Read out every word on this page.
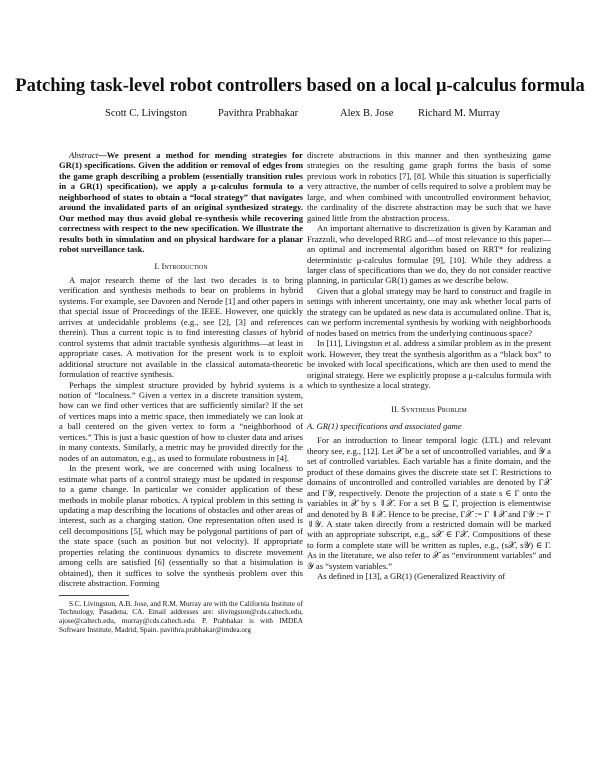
Patching task-level robot controllers based on a local μ-calculus formula
Scott C. Livingston	Pavithra Prabhakar	Alex B. Jose Richard M. Murray

Abstract—We present a method for mending strategies for GR(1) specifications. Given the addition or removal of edges from the game graph describing a problem (essentially transition rules in a GR(1) specification), we apply a μ-calculus formula to a neighborhood of states to obtain a “local strategy” that navigates around the invalidated parts of an original synthesized strategy. Our method may thus avoid global re-synthesis while recovering correctness with respect to the new specification. We illustrate the results both in simulation and on physical hardware for a planar robot surveillance task.

I. Introduction

A major research theme of the last two decades is to bring verification and synthesis methods to bear on problems in hybrid systems. For example, see Davoren and Nerode [1] and other papers in that special issue of Proceedings of the IEEE. However, one quickly arrives at undecidable problems (e.g., see [2], [3] and references therein). Thus a current topic is to find interesting classes of hybrid control systems that admit tractable synthesis algorithms—at least in appropriate cases. A motivation for the present work is to exploit additional structure not available in the classical automata-theoretic formulation of reactive synthesis.

Perhaps the simplest structure provided by hybrid systems is a notion of “localness.” Given a vertex in a discrete transition system, how can we find other vertices that are sufficiently similar? If the set of vertices maps into a metric space, then immediately we can look at a ball centered on the given vertex to form a “neighborhood of vertices.” This is just a basic question of how to cluster data and arises in many contexts. Similarly, a metric may be provided directly for the nodes of an automaton, e.g., as used to formulate robustness in [4].

In the present work, we are concerned with using localness to estimate what parts of a control strategy must be updated in response to a game change. In particular we consider application of these methods in mobile planar robotics. A typical problem in this setting is updating a map describing the locations of obstacles and other areas of interest, such as a charging station. One representation often used is cell decompositions [5], which may be polygonal partitions of part of the state space (such as position but not velocity). If appropriate properties relating the continuous dynamics to discrete movement among cells are satisfied [6] (essentially so that a bisimulation is obtained), then it suffices to solve the synthesis problem over this discrete abstraction. Forming

S.C. Livingston, A.B. Jose, and R.M. Murray are with the California Institute of Technology, Pasadena, CA. Email addresses are: slivingston@cds.caltech.edu, ajose@caltech.edu, murray@cds.caltech.edu. P. Prabhakar is with IMDEA Software Institute, Madrid, Spain. pavithra.prabhakar@imdea.org

discrete abstractions in this manner and then synthesizing game strategies on the resulting game graph forms the basis of some previous work in robotics [7], [8]. While this situation is superficially very attractive, the number of cells required to solve a problem may be large, and when combined with uncontrolled environment behavior, the cardinality of the discrete abstraction may be such that we have gained little from the abstraction process.

An important alternative to discretization is given by Karaman and Frazzoli, who developed RRG and—of most relevance to this paper—an optimal and incremental algorithm based on RRT* for realizing deterministic μ-calculus formulae [9], [10]. While they address a larger class of specifications than we do, they do not consider reactive planning, in particular GR(1) games as we describe below.

Given that a global strategy may be hard to construct and fragile in settings with inherent uncertainty, one may ask whether local parts of the strategy can be updated as new data is accumulated online. That is, can we perform incremental synthesis by working with neighborhoods of nodes based on metrics from the underlying continuous space?

In [11], Livingston et al. address a similar problem as in the present work. However, they treat the synthesis algorithm as a “black box” to be invoked with local specifications, which are then used to mend the original strategy. Here we explicitly propose a μ-calculus formula with which to synthesize a local strategy.

II. Synthesis Problem
A. GR(1) specifications and associated game

For an introduction to linear temporal logic (LTL) and relevant theory see, e.g., [12]. Let 𝒳 be a set of uncontrolled variables, and 𝒴 a set of controlled variables. Each variable has a finite domain, and the product of these domains gives the discrete state set Γ. Restrictions to domains of uncontrolled and controlled variables are denoted by Γ𝒳 and Γ𝒴, respectively. Denote the projection of a state s ∈ Γ onto the variables in 𝒳 by s ⇓𝒳. For a set B ⊆ Γ, projection is elementwise and denoted by B ⇓𝒳. Hence to be precise, Γ𝒳 := Γ ⇓𝒳 and Γ𝒴 := Γ ⇓𝒴. A state taken directly from a restricted domain will be marked with an appropriate subscript, e.g., s𝒳 ∈ Γ𝒳. Compositions of these to form a complete state will be written as tuples, e.g., (s𝒳, s𝒴) ∈ Γ. As in the literature, we also refer to 𝒳 as “environment variables” and 𝒴 as “system variables.”

As defined in [13], a GR(1) (Generalized Reactivity of
